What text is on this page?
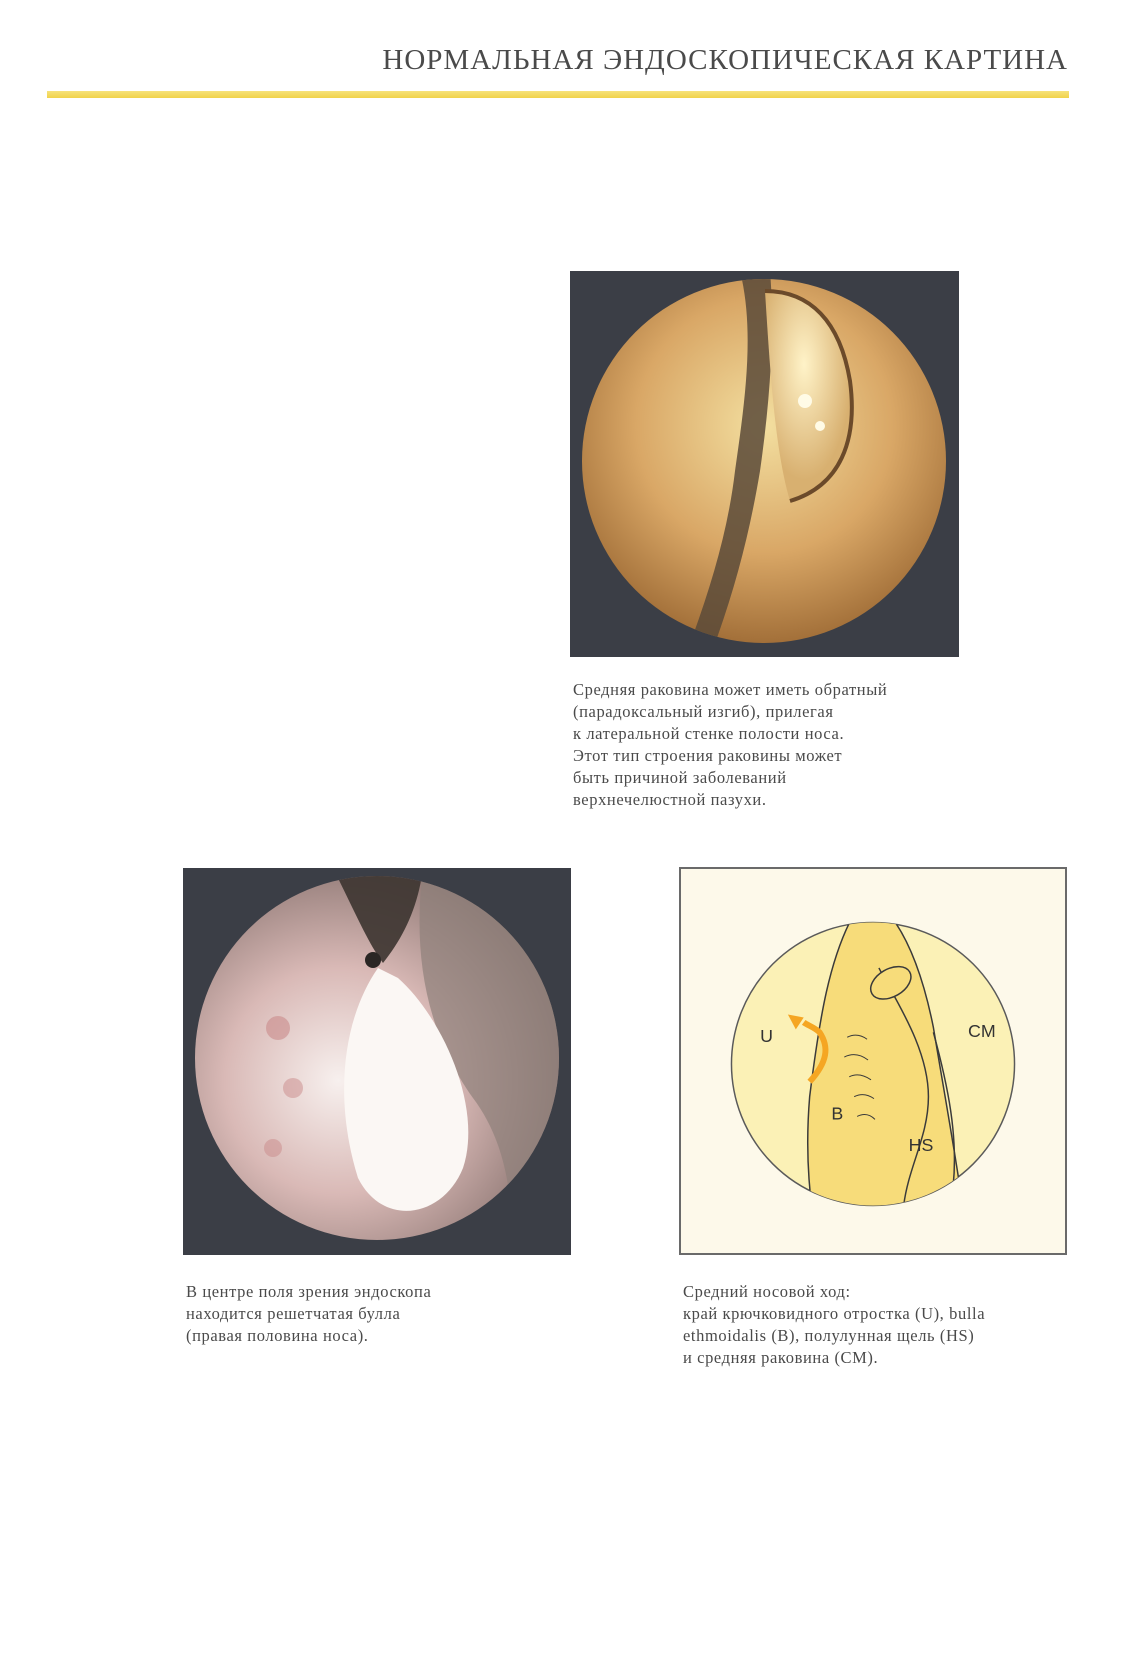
НОРМАЛЬНАЯ ЭНДОСКОПИЧЕСКАЯ КАРТИНА
Средняя раковина может иметь обратный
(парадоксальный изгиб), прилегая
к латеральной стенке полости носа.
Этот тип строения раковины может
быть причиной заболеваний
верхнечелюстной пазухи.
В центре поля зрения эндоскопа
находится решетчатая булла
(правая половина носа).
U
B
HS
CM
Средний носовой ход:
край крючковидного отростка (U), bulla
ethmoidalis (B), полулунная щель (HS)
и средняя раковина (CM).
